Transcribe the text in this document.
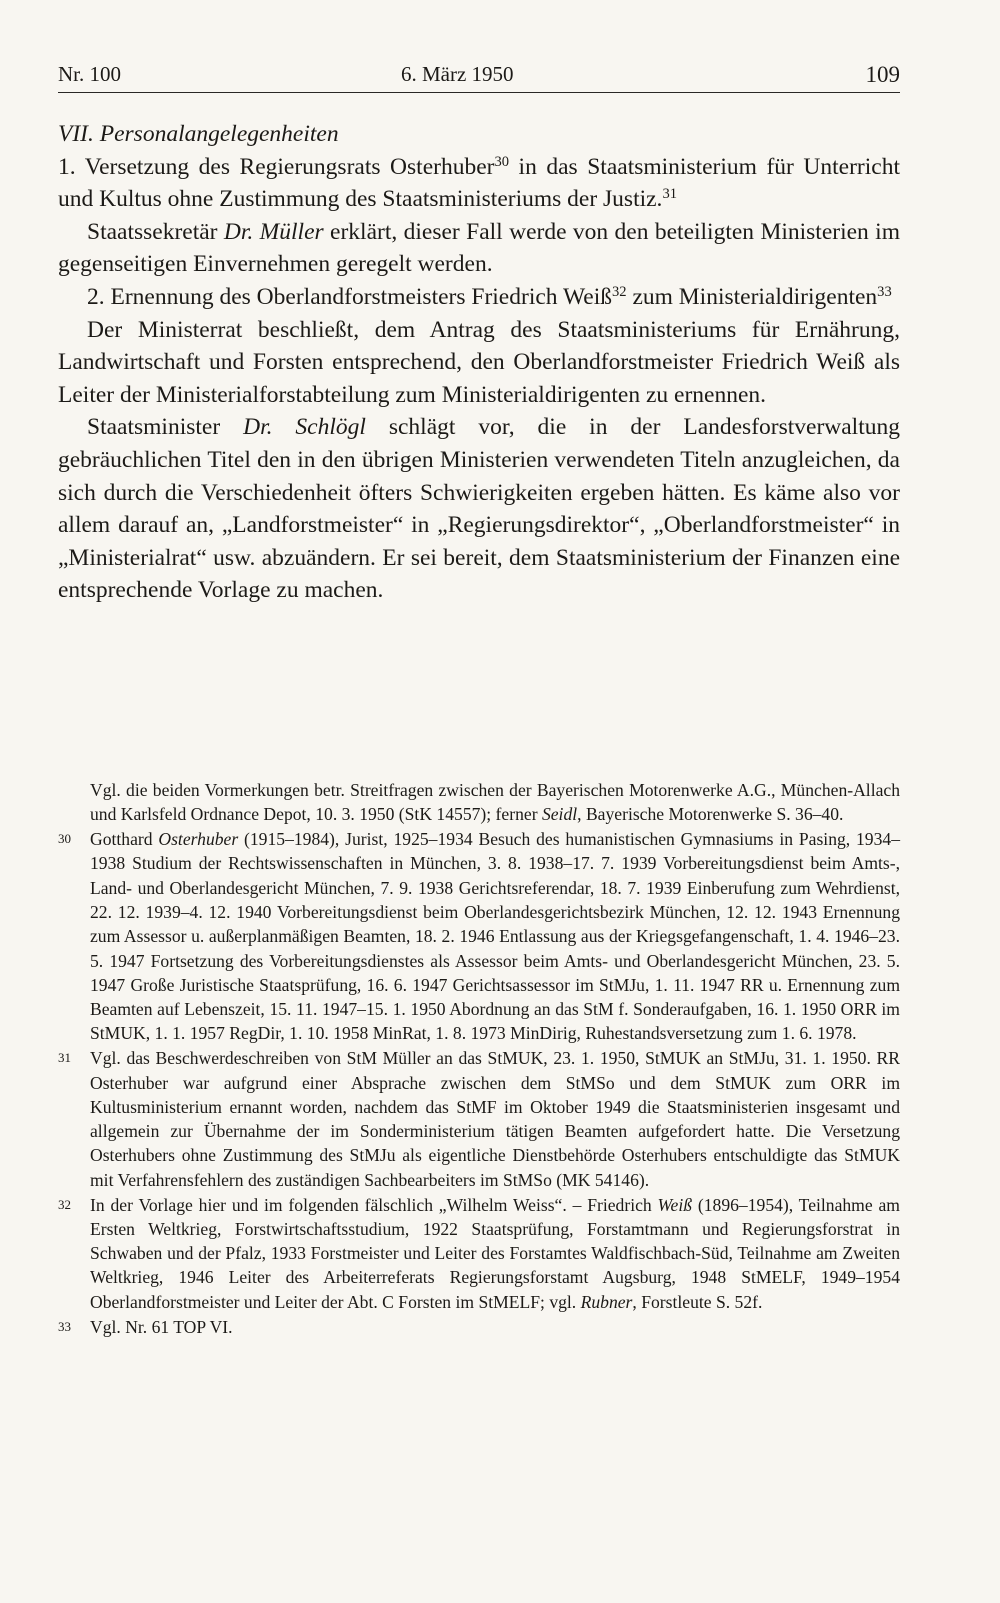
Nr. 100	6. März 1950	109

VII. Personalangelegenheiten

1. Versetzung des Regierungsrats Osterhuber$^{30}$ in das Staatsministerium für Unterricht und Kultus ohne Zustimmung des Staatsministeriums der Justiz.$^{31}$

Staatssekretär Dr. Müller erklärt, dieser Fall werde von den beteiligten Ministerien im gegenseitigen Einvernehmen geregelt werden.

2. Ernennung des Oberlandforstmeisters Friedrich Weiß$^{32}$ zum Ministerialdirigenten$^{33}$

Der Ministerrat beschließt, dem Antrag des Staatsministeriums für Ernährung, Landwirtschaft und Forsten entsprechend, den Oberlandforstmeister Friedrich Weiß als Leiter der Ministerialforstabteilung zum Ministerialdirigenten zu ernennen.

Staatsminister Dr. Schlögl schlägt vor, die in der Landesforstverwaltung gebräuchlichen Titel den in den übrigen Ministerien verwendeten Titeln anzugleichen, da sich durch die Verschiedenheit öfters Schwierigkeiten ergeben hätten. Es käme also vor allem darauf an, „Landforstmeister“ in „Regierungsdirektor“, „Oberlandforstmeister“ in „Ministerialrat“ usw. abzuändern. Er sei bereit, dem Staatsministerium der Finanzen eine entsprechende Vorlage zu machen.

Vgl. die beiden Vormerkungen betr. Streitfragen zwischen der Bayerischen Motorenwerke A.G., München-Allach und Karlsfeld Ordnance Depot, 10. 3. 1950 (StK 14557); ferner Seidl, Bayerische Motorenwerke S. 36–40.
30 Gotthard Osterhuber (1915–1984), Jurist, 1925–1934 Besuch des humanistischen Gymnasiums in Pasing, 1934–1938 Studium der Rechtswissenschaften in München, 3. 8. 1938–17. 7. 1939 Vorbereitungsdienst beim Amts-, Land- und Oberlandesgericht München, 7. 9. 1938 Gerichtsreferendar, 18. 7. 1939 Einberufung zum Wehrdienst, 22. 12. 1939–4. 12. 1940 Vorbereitungsdienst beim Oberlandesgerichtsbezirk München, 12. 12. 1943 Ernennung zum Assessor u. außerplanmäßigen Beamten, 18. 2. 1946 Entlassung aus der Kriegsgefangenschaft, 1. 4. 1946–23. 5. 1947 Fortsetzung des Vorbereitungsdienstes als Assessor beim Amts- und Oberlandesgericht München, 23. 5. 1947 Große Juristische Staatsprüfung, 16. 6. 1947 Gerichtsassessor im StMJu, 1. 11. 1947 RR u. Ernennung zum Beamten auf Lebenszeit, 15. 11. 1947–15. 1. 1950 Abordnung an das StM f. Sonderaufgaben, 16. 1. 1950 ORR im StMUK, 1. 1. 1957 RegDir, 1. 10. 1958 MinRat, 1. 8. 1973 MinDirig, Ruhestandsversetzung zum 1. 6. 1978.
31 Vgl. das Beschwerdeschreiben von StM Müller an das StMUK, 23. 1. 1950, StMUK an StMJu, 31. 1. 1950. RR Osterhuber war aufgrund einer Absprache zwischen dem StMSo und dem StMUK zum ORR im Kultusministerium ernannt worden, nachdem das StMF im Oktober 1949 die Staatsministerien insgesamt und allgemein zur Übernahme der im Sonderministerium tätigen Beamten aufgefordert hatte. Die Versetzung Osterhubers ohne Zustimmung des StMJu als eigentliche Dienstbehörde Osterhubers entschuldigte das StMUK mit Verfahrensfehlern des zuständigen Sachbearbeiters im StMSo (MK 54146).
32 In der Vorlage hier und im folgenden fälschlich „Wilhelm Weiss“. – Friedrich Weiß (1896–1954), Teilnahme am Ersten Weltkrieg, Forstwirtschaftsstudium, 1922 Staatsprüfung, Forstamtmann und Regierungsforstrat in Schwaben und der Pfalz, 1933 Forstmeister und Leiter des Forstamtes Waldfischbach-Süd, Teilnahme am Zweiten Weltkrieg, 1946 Leiter des Arbeiterreferats Regierungsforstamt Augsburg, 1948 StMELF, 1949–1954 Oberlandforstmeister und Leiter der Abt. C Forsten im StMELF; vgl. Rubner, Forstleute S. 52f.
33 Vgl. Nr. 61 TOP VI.
